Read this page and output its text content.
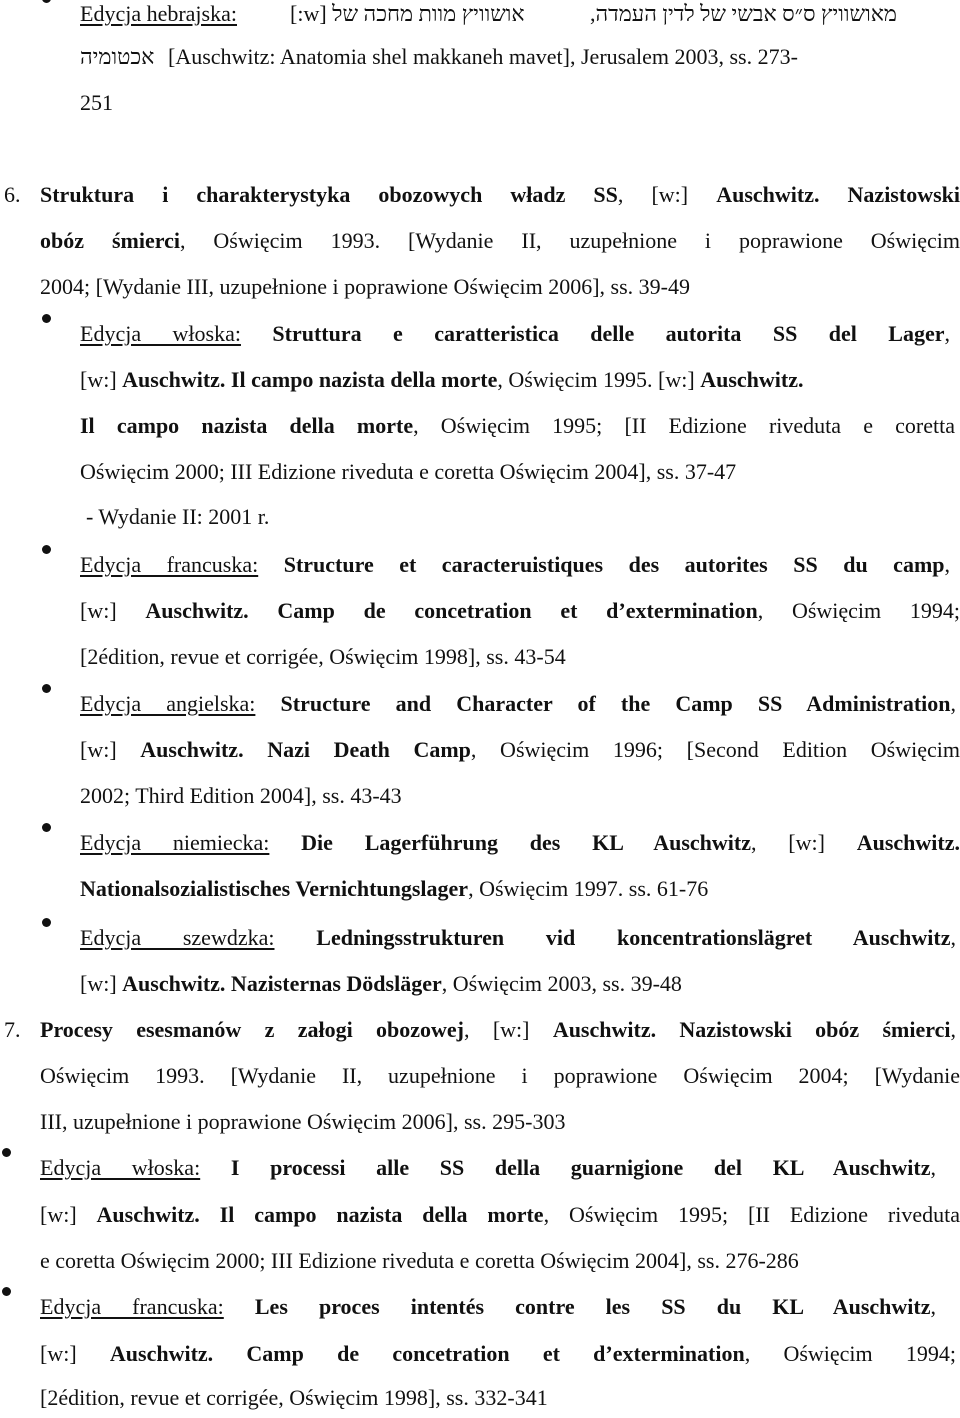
Edycja hebrajska: אושוויץ מוות מחכה של [w:]	מאושוויץ ס״ס אבשי של לדין העמדה,
אכטומיה [Auschwitz: Anatomia shel makkaneh mavet], Jerusalem 2003, ss. 273-
251
6. Struktura i charakterystyka obozowych władz SS, [w:] Auschwitz. Nazistowski
obóz śmierci, Oświęcim 1993. [Wydanie II, uzupełnione i poprawione Oświęcim
2004; [Wydanie III, uzupełnione i poprawione Oświęcim 2006], ss. 39-49
Edycja włoska: Struttura e caratteristica delle autorita SS del Lager,
[w:] Auschwitz. Il campo nazista della morte, Oświęcim 1995. [w:] Auschwitz.
Il campo nazista della morte, Oświęcim 1995; [II Edizione riveduta e coretta
Oświęcim 2000; III Edizione riveduta e coretta Oświęcim 2004], ss. 37-47
- Wydanie II: 2001 r.
Edycja francuska: Structure et caracteruistiques des autorites SS du camp,
[w:] Auschwitz. Camp de concetration et d’extermination, Oświęcim 1994;
[2édition, revue et corrigée, Oświęcim 1998], ss. 43-54
Edycja angielska: Structure and Character of the Camp SS Administration,
[w:] Auschwitz. Nazi Death Camp, Oświęcim 1996; [Second Edition Oświęcim
2002; Third Edition 2004], ss. 43-43
Edycja niemiecka: Die Lagerführung des KL Auschwitz, [w:] Auschwitz.
Nationalsozialistisches Vernichtungslager, Oświęcim 1997. ss. 61-76
Edycja szewdzka: Ledningsstrukturen vid koncentrationslägret Auschwitz,
[w:] Auschwitz. Nazisternas Dödsläger, Oświęcim 2003, ss. 39-48
7. Procesy esesmanów z załogi obozowej, [w:] Auschwitz. Nazistowski obóz śmierci,
Oświęcim 1993. [Wydanie II, uzupełnione i poprawione Oświęcim 2004; [Wydanie
III, uzupełnione i poprawione Oświęcim 2006], ss. 295-303
Edycja włoska: I processi alle SS della guarnigione del KL Auschwitz,
[w:] Auschwitz. Il campo nazista della morte, Oświęcim 1995; [II Edizione riveduta
e coretta Oświęcim 2000; III Edizione riveduta e coretta Oświęcim 2004], ss. 276-286
Edycja francuska: Les proces intentés contre les SS du KL Auschwitz,
[w:] Auschwitz. Camp de concetration et d’extermination, Oświęcim 1994;
[2édition, revue et corrigée, Oświęcim 1998], ss. 332-341
